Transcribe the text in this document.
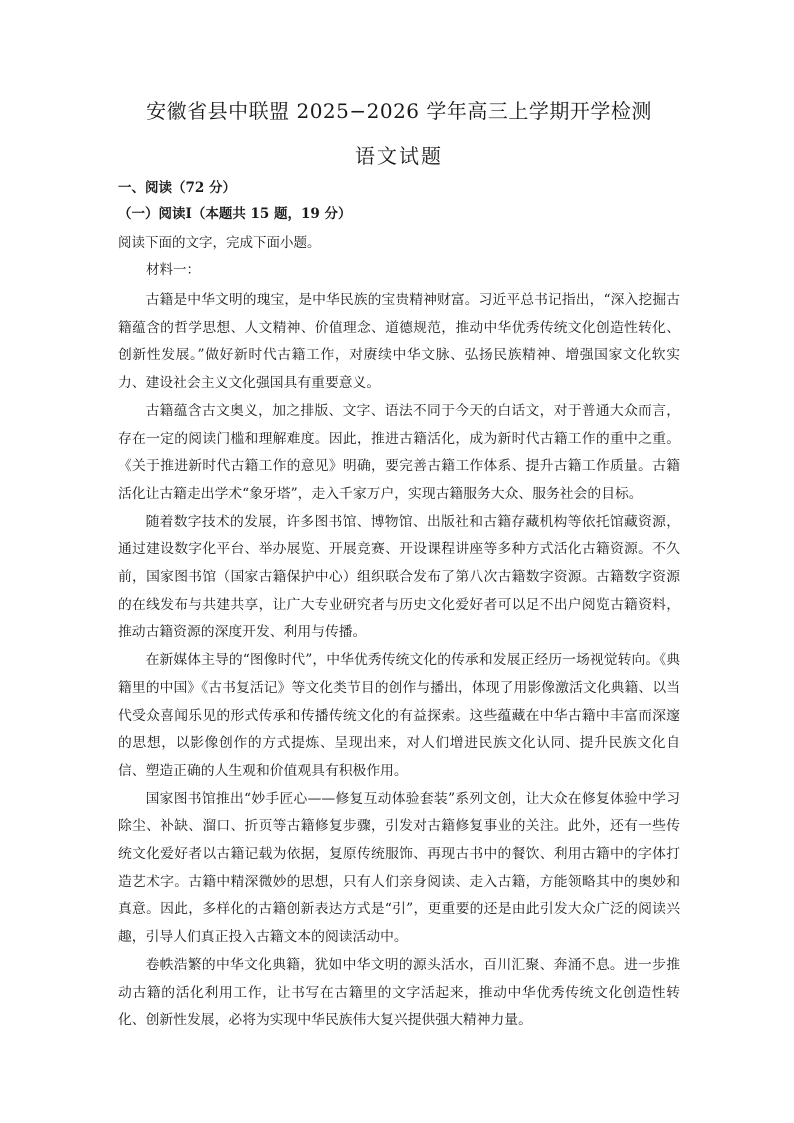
安徽省县中联盟 2025−2026 学年高三上学期开学检测
语文试题
一、阅读（72 分）
（一）阅读Ⅰ（本题共 15 题，19 分）
阅读下面的文字，完成下面小题。
材料一：

古籍是中华文明的瑰宝，是中华民族的宝贵精神财富。习近平总书记指出，“深入挖掘古籍蕴含的哲学思想、人文精神、价值理念、道德规范，推动中华优秀传统文化创造性转化、创新性发展。”做好新时代古籍工作，对赓续中华文脉、弘扬民族精神、增强国家文化软实力、建设社会主义文化强国具有重要意义。

古籍蕴含古文奥义，加之排版、文字、语法不同于今天的白话文，对于普通大众而言，存在一定的阅读门槛和理解难度。因此，推进古籍活化，成为新时代古籍工作的重中之重。《关于推进新时代古籍工作的意见》明确，要完善古籍工作体系、提升古籍工作质量。古籍活化让古籍走出学术“象牙塔”，走入千家万户，实现古籍服务大众、服务社会的目标。

随着数字技术的发展，许多图书馆、博物馆、出版社和古籍存藏机构等依托馆藏资源，通过建设数字化平台、举办展览、开展竞赛、开设课程讲座等多种方式活化古籍资源。不久前，国家图书馆（国家古籍保护中心）组织联合发布了第八次古籍数字资源。古籍数字资源的在线发布与共建共享，让广大专业研究者与历史文化爱好者可以足不出户阅览古籍资料，推动古籍资源的深度开发、利用与传播。

在新媒体主导的“图像时代”，中华优秀传统文化的传承和发展正经历一场视觉转向。《典籍里的中国》《古书复活记》等文化类节目的创作与播出，体现了用影像激活文化典籍、以当代受众喜闻乐见的形式传承和传播传统文化的有益探索。这些蕴藏在中华古籍中丰富而深邃的思想，以影像创作的方式提炼、呈现出来，对人们增进民族文化认同、提升民族文化自信、塑造正确的人生观和价值观具有积极作用。

国家图书馆推出“妙手匠心——修复互动体验套装”系列文创，让大众在修复体验中学习除尘、补缺、溜口、折页等古籍修复步骤，引发对古籍修复事业的关注。此外，还有一些传统文化爱好者以古籍记载为依据，复原传统服饰、再现古书中的餐饮、利用古籍中的字体打造艺术字。古籍中精深微妙的思想，只有人们亲身阅读、走入古籍，方能领略其中的奥妙和真意。因此，多样化的古籍创新表达方式是“引”，更重要的还是由此引发大众广泛的阅读兴趣，引导人们真正投入古籍文本的阅读活动中。

卷帙浩繁的中华文化典籍，犹如中华文明的源头活水，百川汇聚、奔涌不息。进一步推动古籍的活化利用工作，让书写在古籍里的文字活起来，推动中华优秀传统文化创造性转化、创新性发展，必将为实现中华民族伟大复兴提供强大精神力量。
